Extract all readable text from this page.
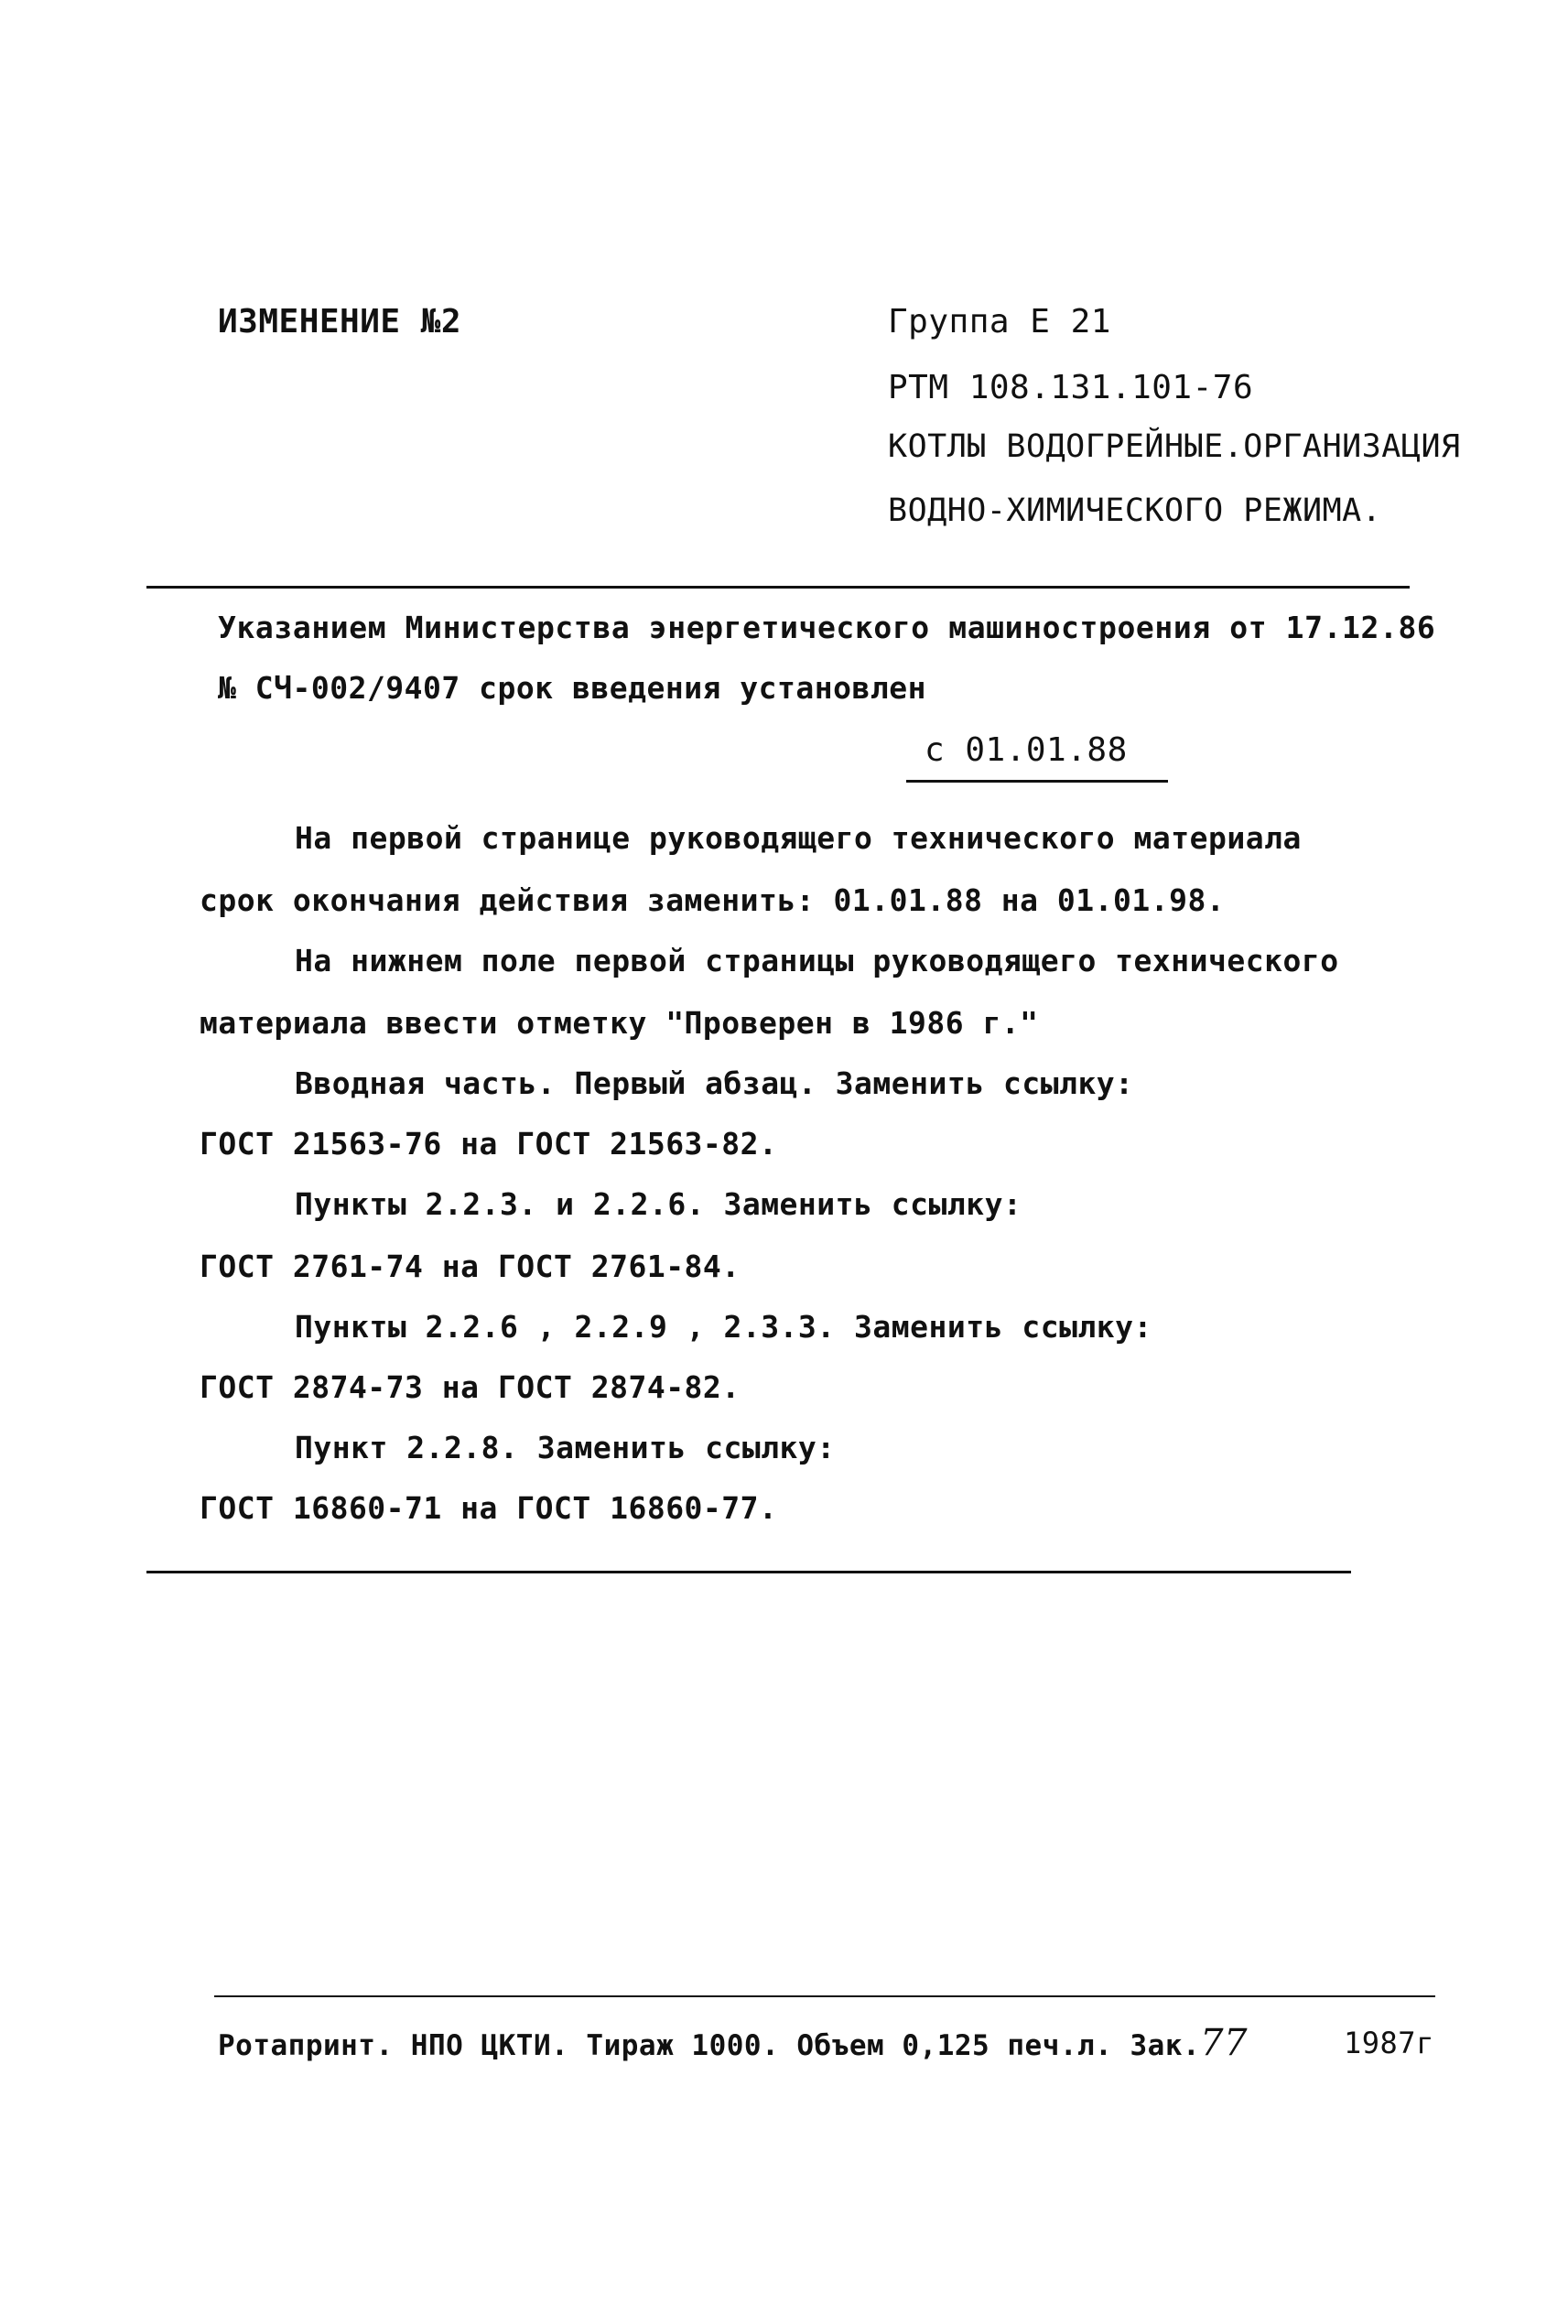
ИЗМЕНЕНИЕ №2	Группа Е 21
РТМ 108.131.101-76
КОТЛЫ ВОДОГРЕЙНЫЕ.ОРГАНИЗАЦИЯ
ВОДНО-ХИМИЧЕСКОГО РЕЖИМА.
Указанием Министерства энергетического машиностроения от 17.12.86
№ СЧ-002/9407 срок введения установлен
с 01.01.88
На первой странице руководящего технического материала
срок окончания действия заменить: 01.01.88 на 01.01.98.
На нижнем поле первой страницы руководящего технического
материала ввести отметку "Проверен в 1986 г."
Вводная часть. Первый абзац. Заменить ссылку:
ГОСТ 21563-76 на ГОСТ 21563-82.
Пункты 2.2.3. и 2.2.6. Заменить ссылку:
ГОСТ 2761-74 на ГОСТ 2761-84.
Пункты 2.2.6 , 2.2.9 , 2.3.3. Заменить ссылку:
ГОСТ 2874-73 на ГОСТ 2874-82.
Пункт 2.2.8. Заменить ссылку:
ГОСТ 16860-71 на ГОСТ 16860-77.
Ротапринт. НПО ЦКТИ. Тираж 1000. Объем 0,125 печ.л. Зак.77	1987г
